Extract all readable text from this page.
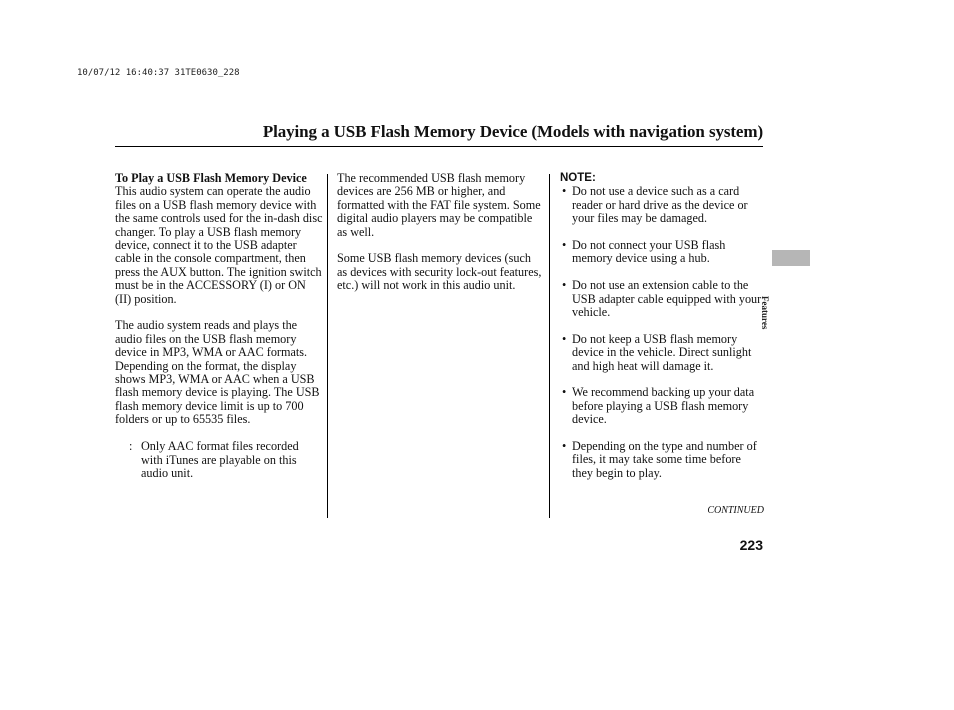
10/07/12 16:40:37 31TE0630_228
Playing a USB Flash Memory Device (Models with navigation system)
To Play a USB Flash Memory Device

This audio system can operate the audio files on a USB flash memory device with the same controls used for the in-dash disc changer. To play a USB flash memory device, connect it to the USB adapter cable in the console compartment, then press the AUX button. The ignition switch must be in the ACCESSORY (I) or ON (II) position.

The audio system reads and plays the audio files on the USB flash memory device in MP3, WMA or AAC formats. Depending on the format, the display shows MP3, WMA or AAC when a USB flash memory device is playing. The USB flash memory device limit is up to 700 folders or up to 65535 files.

: Only AAC format files recorded with iTunes are playable on this audio unit.

The recommended USB flash memory devices are 256 MB or higher, and formatted with the FAT file system. Some digital audio players may be compatible as well.

Some USB flash memory devices (such as devices with security lock-out features, etc.) will not work in this audio unit.

NOTE:
• Do not use a device such as a card reader or hard drive as the device or your files may be damaged.
• Do not connect your USB flash memory device using a hub.
• Do not use an extension cable to the USB adapter cable equipped with your vehicle.
• Do not keep a USB flash memory device in the vehicle. Direct sunlight and high heat will damage it.
• We recommend backing up your data before playing a USB flash memory device.
• Depending on the type and number of files, it may take some time before they begin to play.
CONTINUED
223
Features
